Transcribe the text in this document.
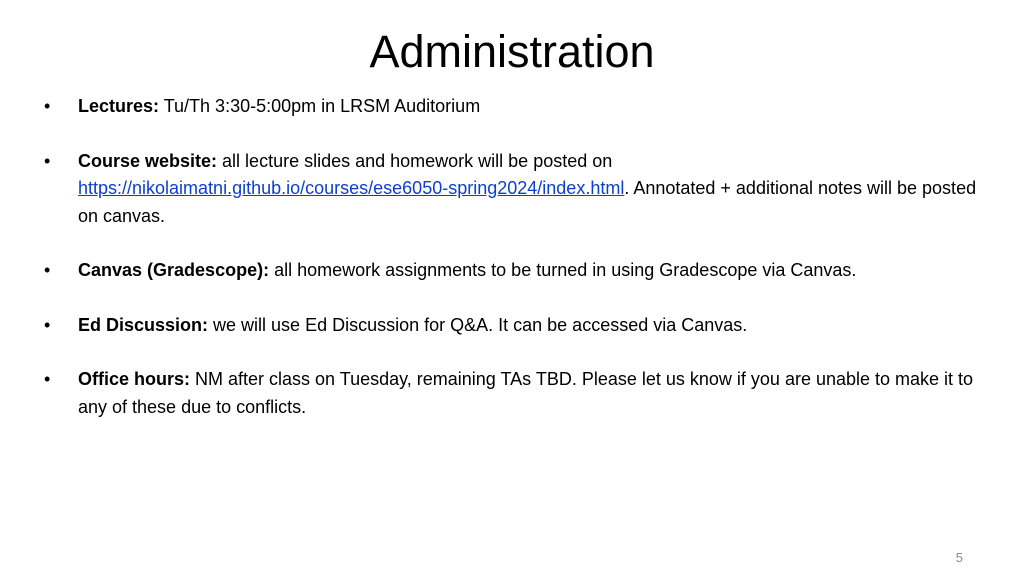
Administration
• Lectures: Tu/Th 3:30-5:00pm in LRSM Auditorium
• Course website: all lecture slides and homework will be posted on https://nikolaimatni.github.io/courses/ese6050-spring2024/index.html. Annotated + additional notes will be posted on canvas.
• Canvas (Gradescope): all homework assignments to be turned in using Gradescope via Canvas.
• Ed Discussion: we will use Ed Discussion for Q&A. It can be accessed via Canvas.
• Office hours: NM after class on Tuesday, remaining TAs TBD. Please let us know if you are unable to make it to any of these due to conflicts.
5
